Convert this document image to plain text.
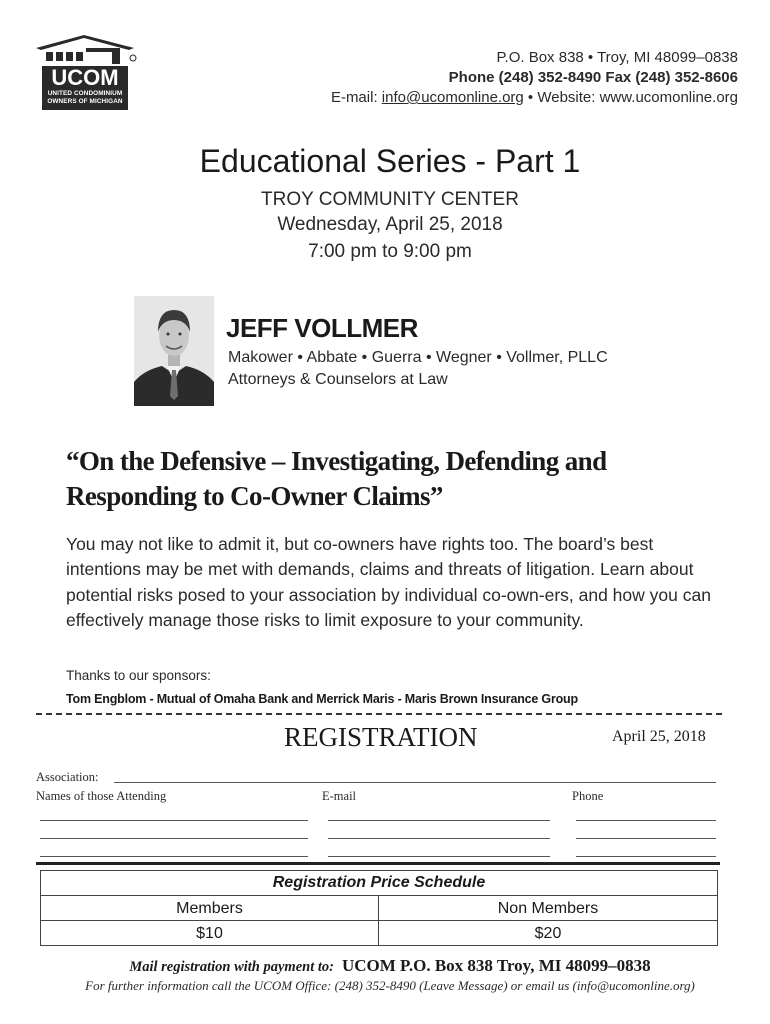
UCOM
UNITED CONDOMINIUM
OWNERS OF MICHIGAN
P.O. Box 838 • Troy, MI 48099–0838
Phone (248) 352-8490 Fax (248) 352-8606
E-mail: info@ucomonline.org • Website: www.ucomonline.org
Educational Series - Part 1
TROY COMMUNITY CENTER
Wednesday, April 25, 2018
7:00 pm to 9:00 pm
JEFF VOLLMER
Makower • Abbate • Guerra • Wegner • Vollmer, PLLC
Attorneys & Counselors at Law
“On the Defensive – Investigating, Defending and Responding to Co-Owner Claims”
You may not like to admit it, but co-owners have rights too. The board’s best intentions may be met with demands, claims and threats of litigation. Learn about potential risks posed to your association by individual co-own-ers, and how you can effectively manage those risks to limit exposure to your community.
Thanks to our sponsors:
Tom Engblom - Mutual of Omaha Bank and Merrick Maris - Maris Brown Insurance Group
REGISTRATION	April 25, 2018
Association:
Names of those Attending	E-mail	Phone
Registration Price Schedule
Members	Non Members
$10	$20
Mail registration with payment to: UCOM P.O. Box 838 Troy, MI 48099–0838
For further information call the UCOM Office: (248) 352-8490 (Leave Message) or email us (info@ucomonline.org)
